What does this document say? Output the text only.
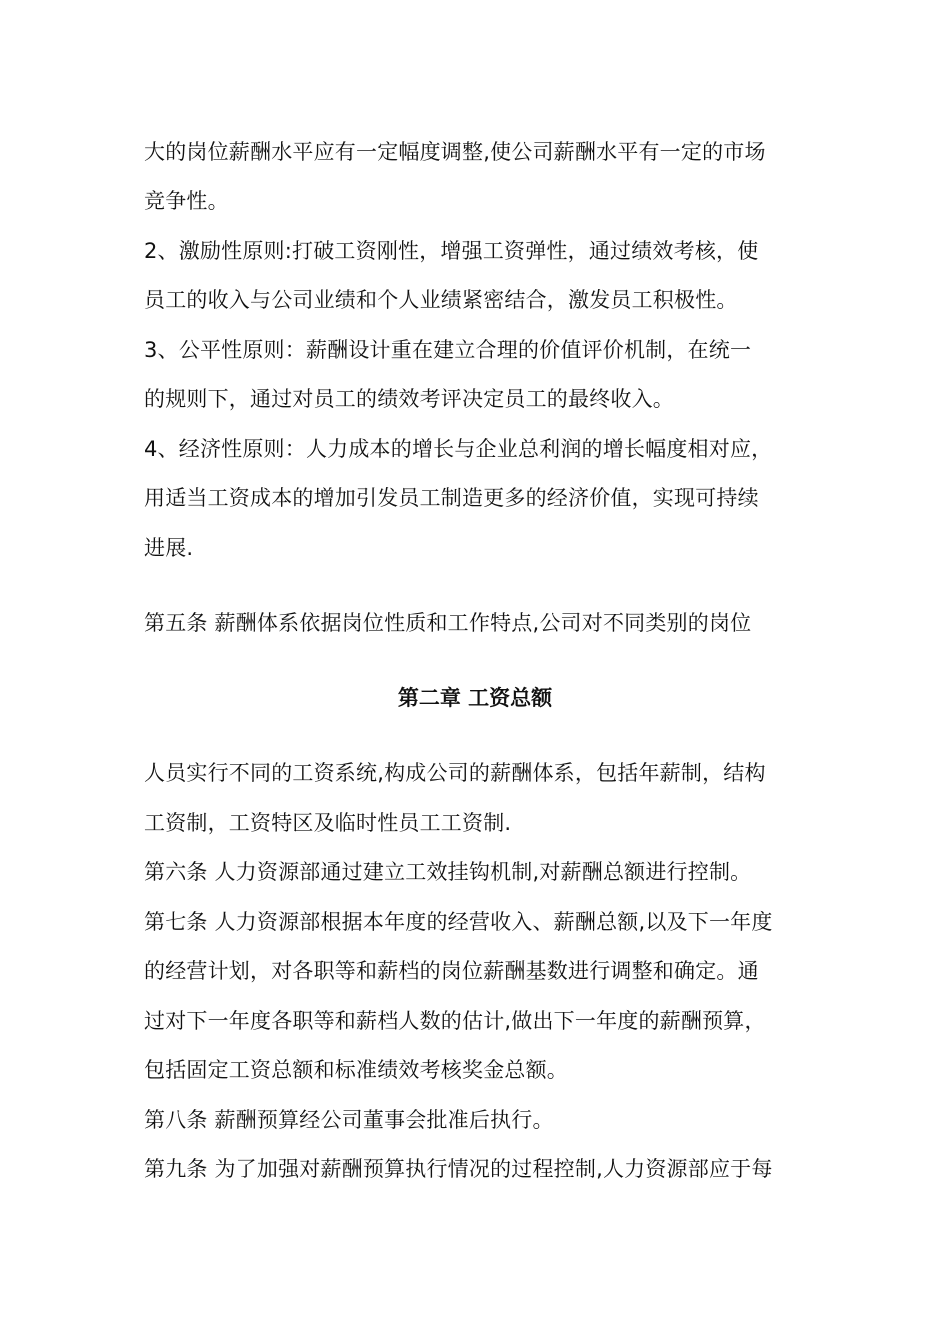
大的岗位薪酬水平应有一定幅度调整,使公司薪酬水平有一定的市场
竞争性。
2、激励性原则:打破工资刚性，增强工资弹性，通过绩效考核，使
员工的收入与公司业绩和个人业绩紧密结合，激发员工积极性。
3、公平性原则：薪酬设计重在建立合理的价值评价机制，在统一
的规则下，通过对员工的绩效考评决定员工的最终收入。
4、经济性原则：人力成本的增长与企业总利润的增长幅度相对应，
用适当工资成本的增加引发员工制造更多的经济价值，实现可持续
进展.
第五条 薪酬体系依据岗位性质和工作特点,公司对不同类别的岗位
第二章 工资总额
人员实行不同的工资系统,构成公司的薪酬体系，包括年薪制，结构
工资制，工资特区及临时性员工工资制.
第六条 人力资源部通过建立工效挂钩机制,对薪酬总额进行控制。
第七条 人力资源部根据本年度的经营收入、薪酬总额,以及下一年度
的经营计划，对各职等和薪档的岗位薪酬基数进行调整和确定。通
过对下一年度各职等和薪档人数的估计,做出下一年度的薪酬预算，
包括固定工资总额和标准绩效考核奖金总额。
第八条 薪酬预算经公司董事会批准后执行。
第九条 为了加强对薪酬预算执行情况的过程控制,人力资源部应于每
